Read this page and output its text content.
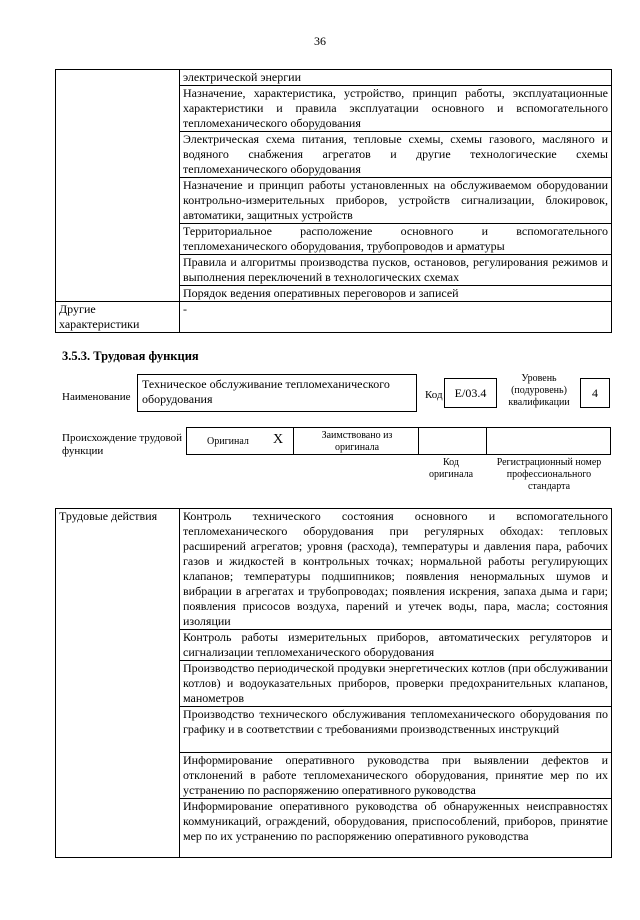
36
	электрической энергии
	Назначение, характеристика, устройство, принцип работы, эксплуатационные характеристики и правила эксплуатации основного и вспомогательного тепломеханического оборудования
	Электрическая схема питания, тепловые схемы, схемы газового, масляного и водяного снабжения агрегатов и другие технологические схемы тепломеханического оборудования
	Назначение и принцип работы установленных на обслуживаемом оборудовании контрольно-измерительных приборов, устройств сигнализации, блокировок, автоматики, защитных устройств
	Территориальное расположение основного и вспомогательного тепломеханического оборудования, трубопроводов и арматуры
	Правила и алгоритмы производства пусков, остановов, регулирования режимов и выполнения переключений в технологических схемах
	Порядок ведения оперативных переговоров и записей
Другие характеристики	-
3.5.3. Трудовая функция
Наименование
Техническое обслуживание тепломеханического оборудования	Код	E/03.4
Уровень (подуровень) квалификации
4
Происхождение трудовой функции
Оригинал X	Заимствовано из оригинала
Код оригинала
Регистрационный номер профессионального стандарта
Трудовые действия	Контроль технического состояния основного и вспомогательного тепломеханического оборудования при регулярных обходах: тепловых расширений агрегатов; уровня (расхода), температуры и давления пара, рабочих газов и жидкостей в контрольных точках; нормальной работы регулирующих клапанов; температуры подшипников; появления ненормальных шумов и вибрации в агрегатах и трубопроводах; появления искрения, запаха дыма и гари; появления присосов воздуха, парений и утечек воды, пара, масла; состояния изоляции
Контроль работы измерительных приборов, автоматических регуляторов и сигнализации тепломеханического оборудования
Производство периодической продувки энергетических котлов (при обслуживании котлов) и водоуказательных приборов, проверки предохранительных клапанов, манометров
Производство технического обслуживания тепломеханического оборудования по графику и в соответствии с требованиями производственных инструкций
Информирование оперативного руководства при выявлении дефектов и отклонений в работе тепломеханического оборудования, принятие мер по их устранению по распоряжению оперативного руководства
Информирование оперативного руководства об обнаруженных неисправностях коммуникаций, ограждений, оборудования, приспособлений, приборов, принятие мер по их устранению по распоряжению оперативного руководства
